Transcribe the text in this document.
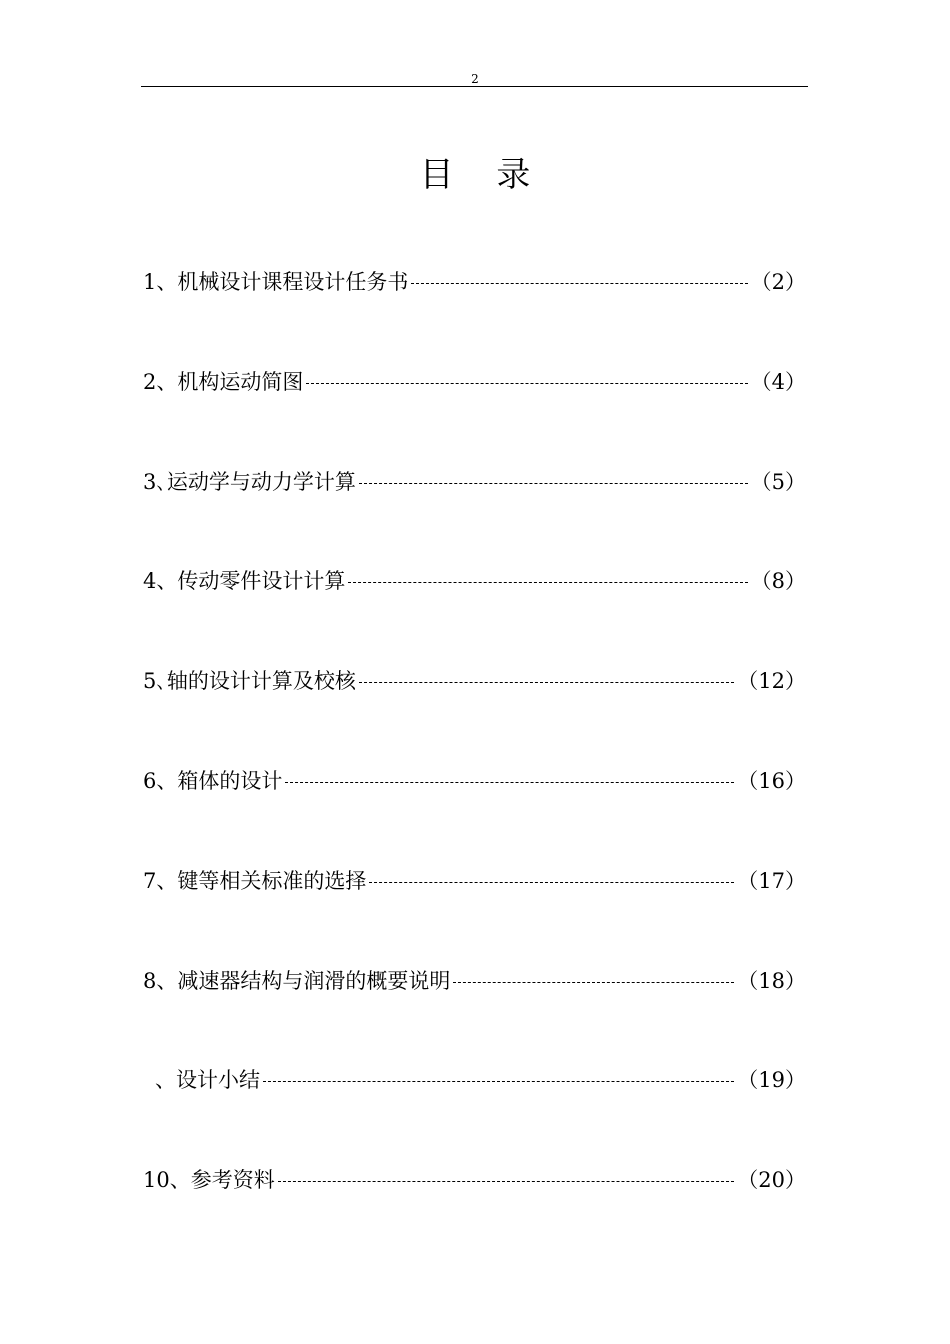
2
目 录
1、机械设计课程设计任务书	（2）
2、机构运动简图	（4）
3､运动学与动力学计算	（5）
4、传动零件设计计算	（8）
5､轴的设计计算及校核	（12）
6、箱体的设计	（16）
7、键等相关标准的选择	（17）
8、减速器结构与润滑的概要说明	（18）
、设计小结	（19）
10、参考资料	（20）
